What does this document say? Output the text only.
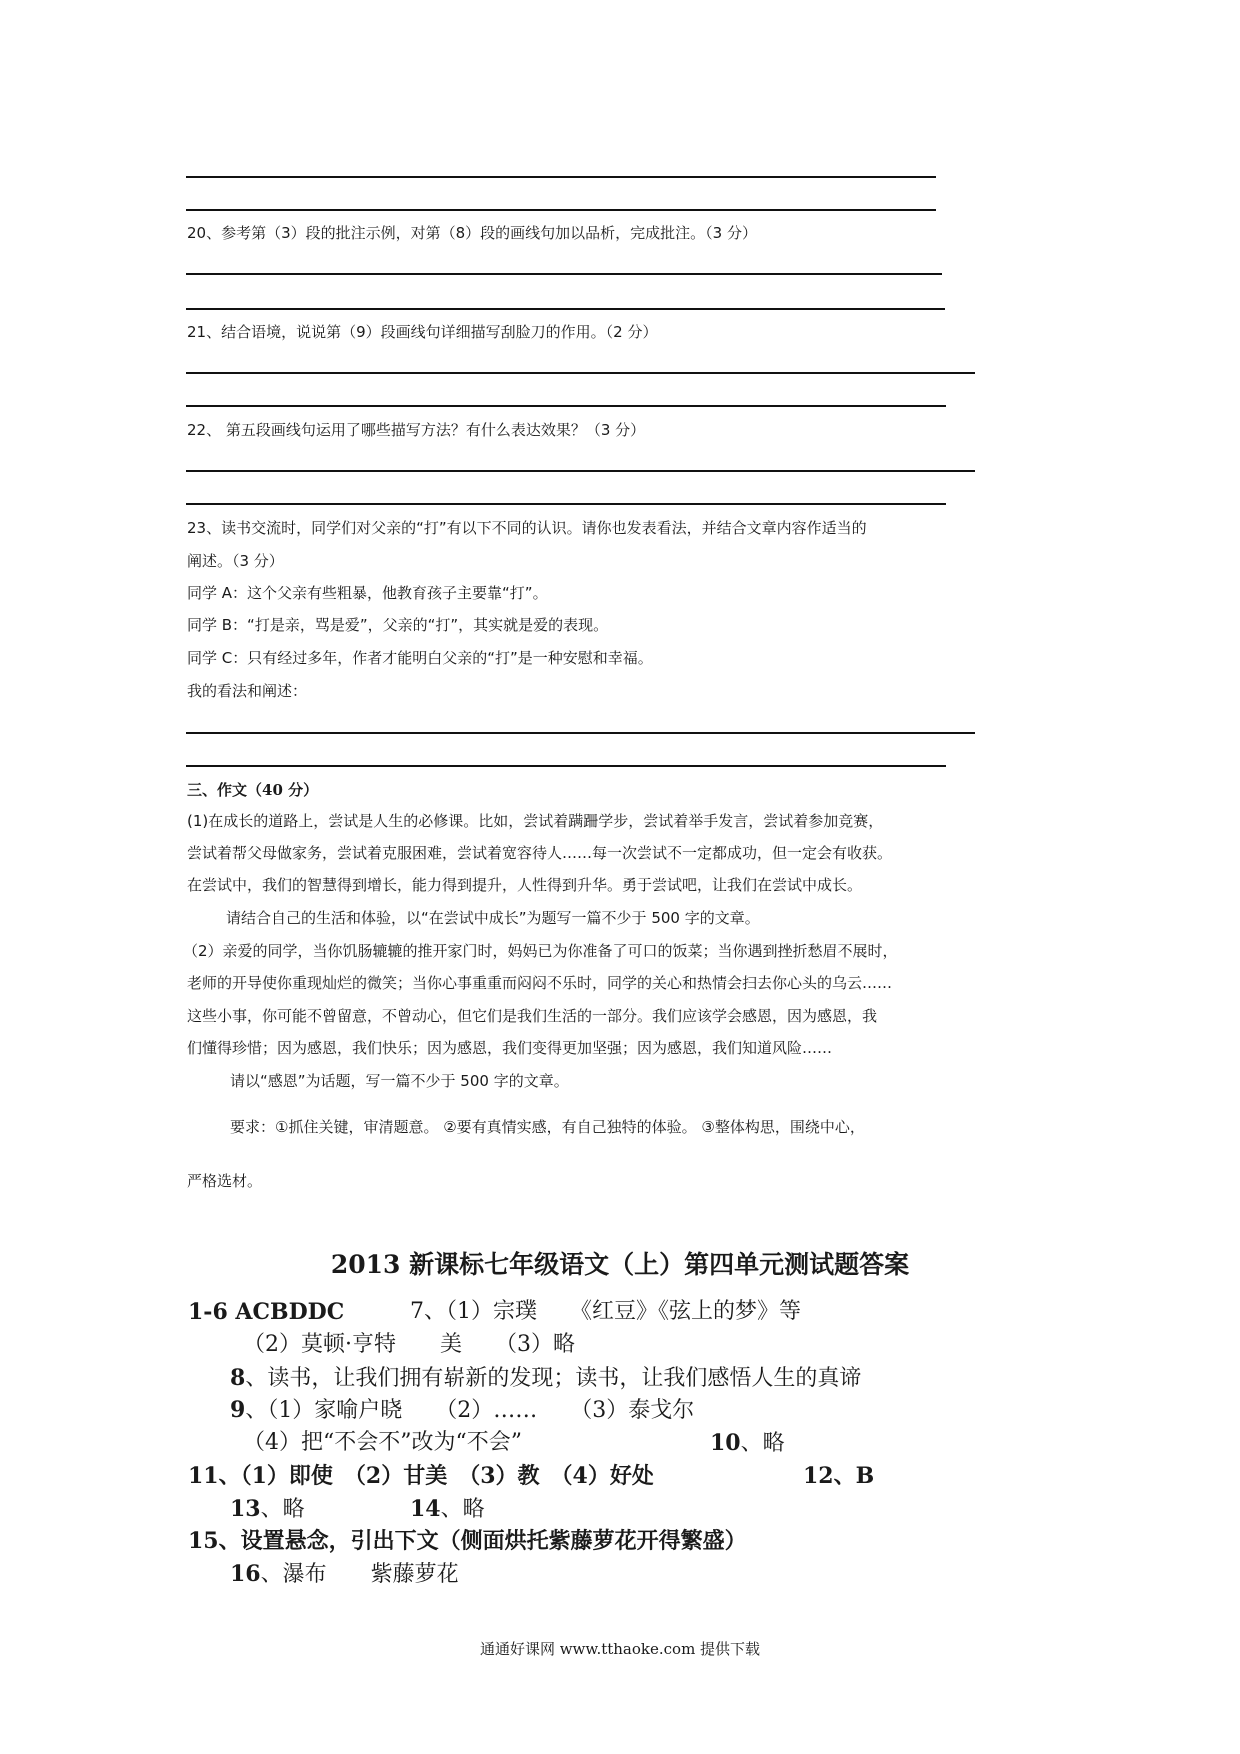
20、参考第（3）段的批注示例，对第（8）段的画线句加以品析，完成批注。（3 分）
21、结合语境，说说第（9）段画线句详细描写刮脸刀的作用。（2 分）
22、 第五段画线句运用了哪些描写方法？有什么表达效果？（3 分）
23、读书交流时，同学们对父亲的“打”有以下不同的认识。请你也发表看法，并结合文章内容作适当的
阐述。（3 分）
同学 A：这个父亲有些粗暴，他教育孩子主要靠“打”。
同学 B：“打是亲，骂是爱”，父亲的“打”，其实就是爱的表现。
同学 C：只有经过多年，作者才能明白父亲的“打”是一种安慰和幸福。
我的看法和阐述：
三、作文（40 分）
(1)在成长的道路上，尝试是人生的必修课。比如，尝试着蹒跚学步，尝试着举手发言，尝试着参加竞赛，
尝试着帮父母做家务，尝试着克服困难，尝试着宽容待人……每一次尝试不一定都成功，但一定会有收获。
在尝试中，我们的智慧得到增长，能力得到提升，人性得到升华。勇于尝试吧，让我们在尝试中成长。
请结合自己的生活和体验，以“在尝试中成长”为题写一篇不少于 500 字的文章。
（2）亲爱的同学，当你饥肠辘辘的推开家门时，妈妈已为你准备了可口的饭菜；当你遇到挫折愁眉不展时，
老师的开导使你重现灿烂的微笑；当你心事重重而闷闷不乐时，同学的关心和热情会扫去你心头的乌云……
这些小事，你可能不曾留意，不曾动心，但它们是我们生活的一部分。我们应该学会感恩，因为感恩，我
们懂得珍惜；因为感恩，我们快乐；因为感恩，我们变得更加坚强；因为感恩，我们知道风险……
请以“感恩”为话题，写一篇不少于 500 字的文章。
要求：①抓住关键，审清题意。 ②要有真情实感，有自己独特的体验。 ③整体构思，围绕中心，
严格选材。
2013 新课标七年级语文（上）第四单元测试题答案
1-6 ACBDDC	7、（1）宗璞　　《红豆》《弦上的梦》等
（2）莫顿·亨特　　美　　（3）略
8、读书，让我们拥有崭新的发现；读书，让我们感悟人生的真谛
9、（1）家喻户晓　　（2）……　　（3）泰戈尔
（4）把“不会不”改为“不会”	10、略
11、（1）即使　（2）甘美　（3）教　（4）好处	12、B
13、略	14、略
15、设置悬念，引出下文（侧面烘托紫藤萝花开得繁盛）
16、瀑布　　紫藤萝花
通通好课网 www.tthaoke.com 提供下载
